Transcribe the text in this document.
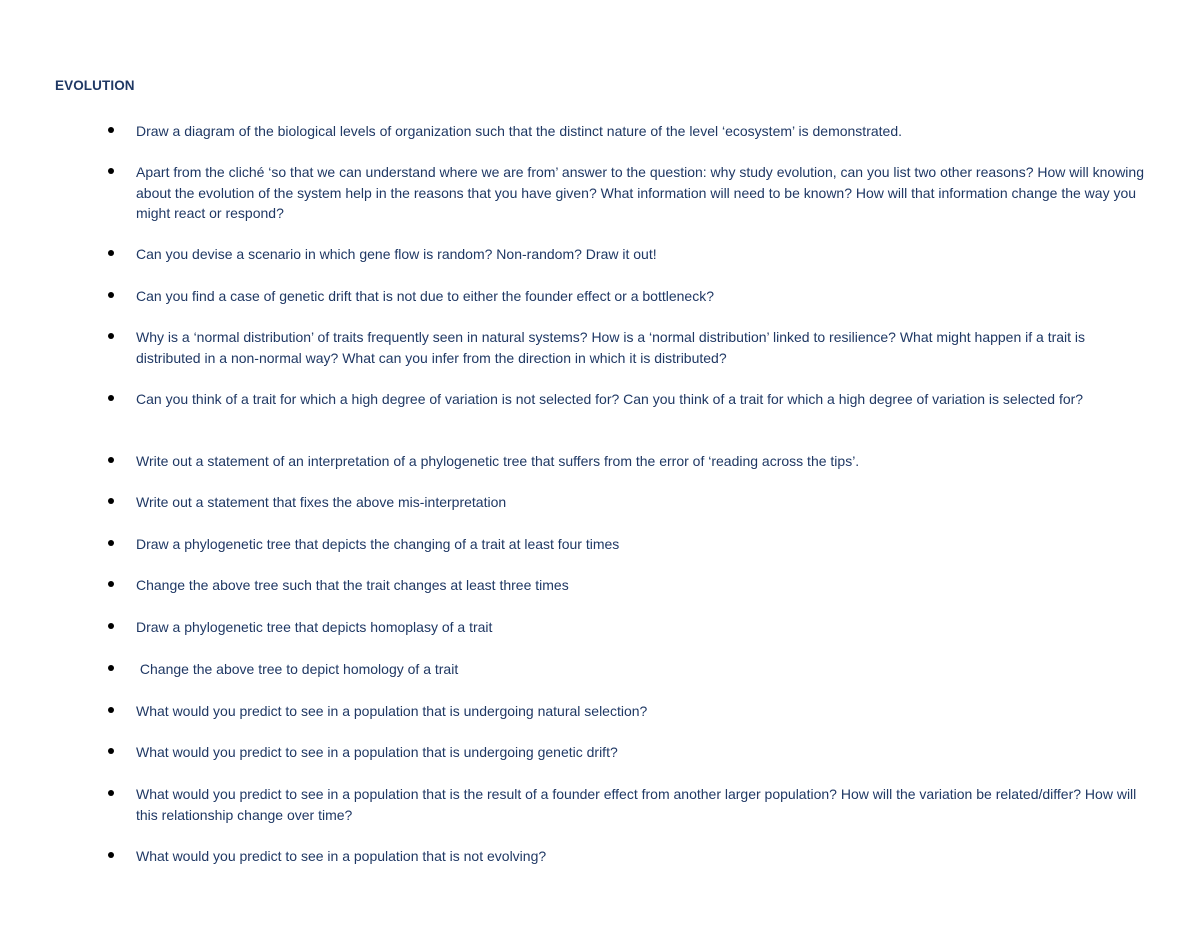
EVOLUTION
Draw a diagram of the biological levels of organization such that the distinct nature of the level ‘ecosystem’ is demonstrated.
Apart from the cliché ‘so that we can understand where we are from’ answer to the question: why study evolution, can you list two other reasons? How will knowing about the evolution of the system help in the reasons that you have given? What information will need to be known? How will that information change the way you might react or respond?
Can you devise a scenario in which gene flow is random? Non-random? Draw it out!
Can you find a case of genetic drift that is not due to either the founder effect or a bottleneck?
Why is a ‘normal distribution’ of traits frequently seen in natural systems? How is a ‘normal distribution’ linked to resilience? What might happen if a trait is distributed in a non-normal way? What can you infer from the direction in which it is distributed?
Can you think of a trait for which a high degree of variation is not selected for? Can you think of a trait for which a high degree of variation is selected for?
Write out a statement of an interpretation of a phylogenetic tree that suffers from the error of ‘reading across the tips’.
Write out a statement that fixes the above mis-interpretation
Draw a phylogenetic tree that depicts the changing of a trait at least four times
Change the above tree such that the trait changes at least three times
Draw a phylogenetic tree that depicts homoplasy of a trait
Change the above tree to depict homology of a trait
What would you predict to see in a population that is undergoing natural selection?
What would you predict to see in a population that is undergoing genetic drift?
What would you predict to see in a population that is the result of a founder effect from another larger population? How will the variation be related/differ? How will this relationship change over time?
What would you predict to see in a population that is not evolving?
